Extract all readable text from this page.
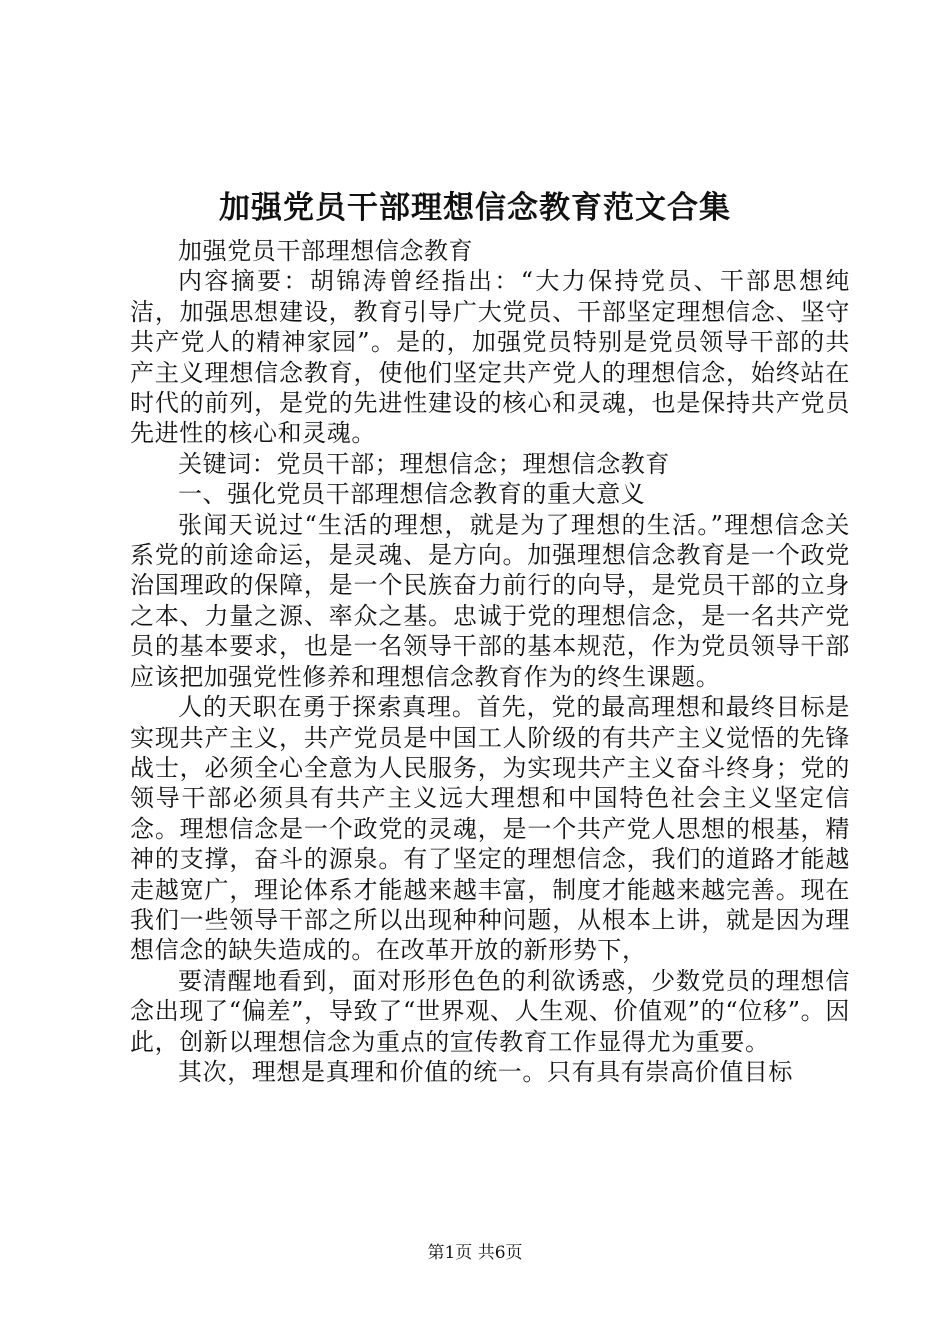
加强党员干部理想信念教育范文合集

加强党员干部理想信念教育

内容摘要：胡锦涛曾经指出：“大力保持党员、干部思想纯洁，加强思想建设，教育引导广大党员、干部坚定理想信念、坚守共产党人的精神家园”。是的，加强党员特别是党员领导干部的共产主义理想信念教育，使他们坚定共产党人的理想信念，始终站在时代的前列，是党的先进性建设的核心和灵魂，也是保持共产党员先进性的核心和灵魂。

关键词：党员干部；理想信念；理想信念教育

一、强化党员干部理想信念教育的重大意义

张闻天说过“生活的理想，就是为了理想的生活。”理想信念关系党的前途命运，是灵魂、是方向。加强理想信念教育是一个政党治国理政的保障，是一个民族奋力前行的向导，是党员干部的立身之本、力量之源、率众之基。忠诚于党的理想信念，是一名共产党员的基本要求，也是一名领导干部的基本规范，作为党员领导干部应该把加强党性修养和理想信念教育作为的终生课题。

人的天职在勇于探索真理。首先，党的最高理想和最终目标是实现共产主义，共产党员是中国工人阶级的有共产主义觉悟的先锋战士，必须全心全意为人民服务，为实现共产主义奋斗终身；党的领导干部必须具有共产主义远大理想和中国特色社会主义坚定信念。理想信念是一个政党的灵魂，是一个共产党人思想的根基，精神的支撑，奋斗的源泉。有了坚定的理想信念，我们的道路才能越走越宽广，理论体系才能越来越丰富，制度才能越来越完善。现在我们一些领导干部之所以出现种种问题，从根本上讲，就是因为理想信念的缺失造成的。在改革开放的新形势下，

要清醒地看到，面对形形色色的利欲诱惑，少数党员的理想信念出现了“偏差”，导致了“世界观、人生观、价值观”的“位移”。因此，创新以理想信念为重点的宣传教育工作显得尤为重要。

其次，理想是真理和价值的统一。只有具有崇高价值目标

第1页 共6页
